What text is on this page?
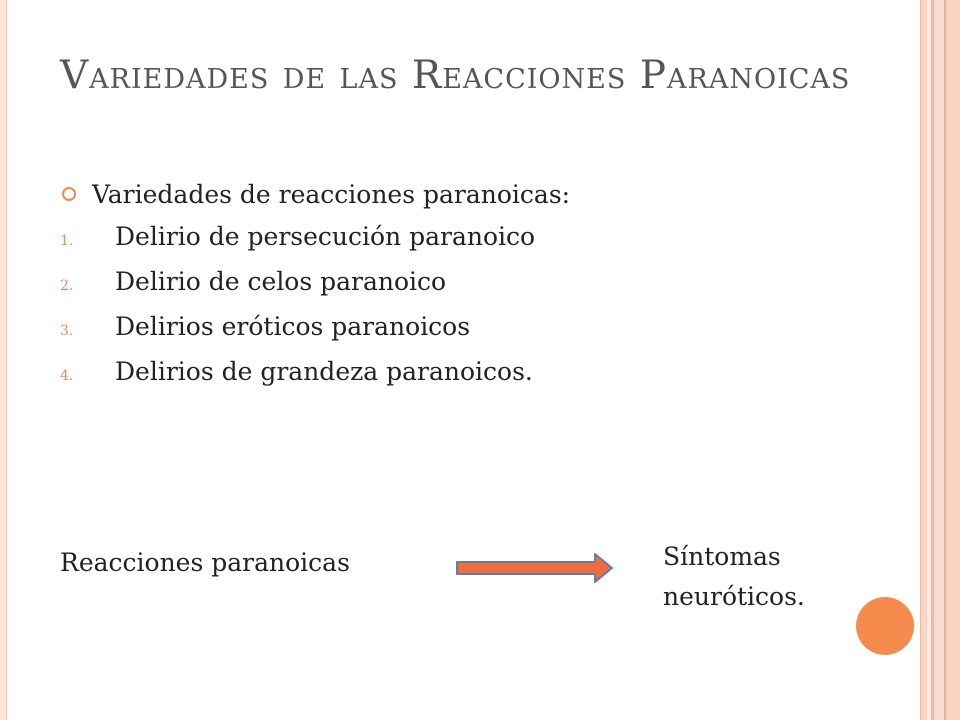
Variedades de las Reacciones Paranoicas
Variedades de reacciones paranoicas:
1.	Delirio de persecución paranoico
2.	Delirio de celos paranoico
3.	Delirios eróticos paranoicos
4.	Delirios de grandeza paranoicos.
Reacciones paranoicas	Síntomas
neuróticos.
